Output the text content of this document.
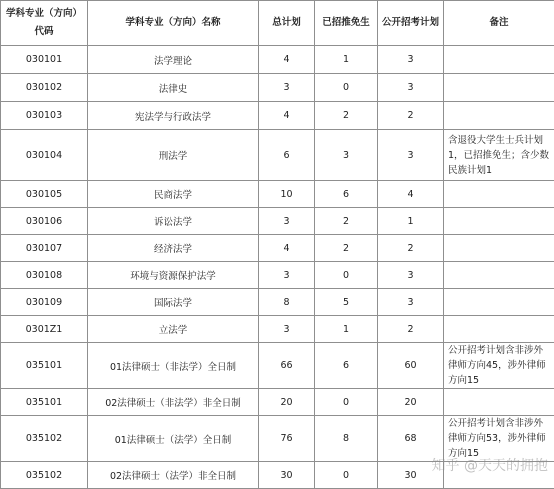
学科专业（方向）代码	学科专业（方向）名称	总计划	已招推免生	公开招考计划	备注
030101	法学理论	4	1	3	
030102	法律史	3	0	3	
030103	宪法学与行政法学	4	2	2	
030104	刑法学	6	3	3	含退役大学生士兵计划1，已招推免生；含少数民族计划1
030105	民商法学	10	6	4	
030106	诉讼法学	3	2	1	
030107	经济法学	4	2	2	
030108	环境与资源保护法学	3	0	3	
030109	国际法学	8	5	3	
0301Z1	立法学	3	1	2	
035101	01法律硕士（非法学）全日制	66	6	60	公开招考计划含非涉外律师方向45，涉外律师方向15
035101	02法律硕士（非法学）非全日制	20	0	20	
035102	01法律硕士（法学）全日制	76	8	68	公开招考计划含非涉外律师方向53，涉外律师方向15
035102	02法律硕士（法学）非全日制	30	0	30	
知乎 @天天的拥抱
